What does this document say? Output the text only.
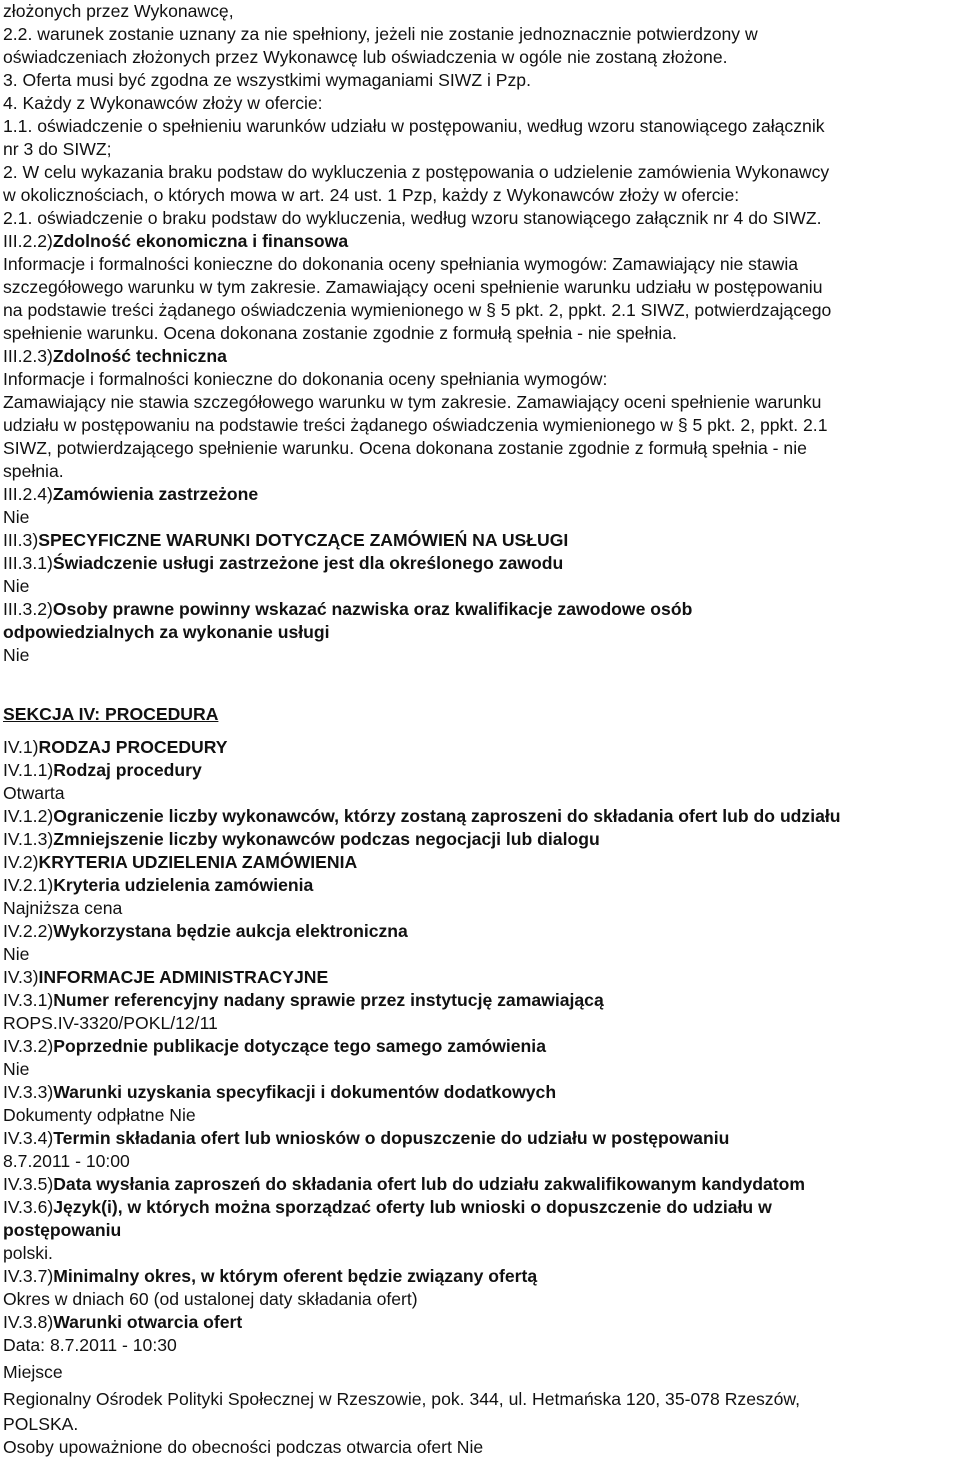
złożonych przez Wykonawcę,
2.2. warunek zostanie uznany za nie spełniony, jeżeli nie zostanie jednoznacznie potwierdzony w
oświadczeniach złożonych przez Wykonawcę lub oświadczenia w ogóle nie zostaną złożone.
3. Oferta musi być zgodna ze wszystkimi wymaganiami SIWZ i Pzp.
4. Każdy z Wykonawców złoży w ofercie:
1.1. oświadczenie o spełnieniu warunków udziału w postępowaniu, według wzoru stanowiącego załącznik
nr 3 do SIWZ;
2. W celu wykazania braku podstaw do wykluczenia z postępowania o udzielenie zamówienia Wykonawcy
w okolicznościach, o których mowa w art. 24 ust. 1 Pzp, każdy z Wykonawców złoży w ofercie:
2.1. oświadczenie o braku podstaw do wykluczenia, według wzoru stanowiącego załącznik nr 4 do SIWZ.
III.2.2)Zdolność ekonomiczna i finansowa
Informacje i formalności konieczne do dokonania oceny spełniania wymogów: Zamawiający nie stawia
szczegółowego warunku w tym zakresie. Zamawiający oceni spełnienie warunku udziału w postępowaniu
na podstawie treści żądanego oświadczenia wymienionego w § 5 pkt. 2, ppkt. 2.1 SIWZ, potwierdzającego
spełnienie warunku. Ocena dokonana zostanie zgodnie z formułą spełnia - nie spełnia.
III.2.3)Zdolność techniczna
Informacje i formalności konieczne do dokonania oceny spełniania wymogów:
Zamawiający nie stawia szczegółowego warunku w tym zakresie. Zamawiający oceni spełnienie warunku
udziału w postępowaniu na podstawie treści żądanego oświadczenia wymienionego w § 5 pkt. 2, ppkt. 2.1
SIWZ, potwierdzającego spełnienie warunku. Ocena dokonana zostanie zgodnie z formułą spełnia - nie
spełnia.
III.2.4)Zamówienia zastrzeżone
Nie
III.3)SPECYFICZNE WARUNKI DOTYCZĄCE ZAMÓWIEŃ NA USŁUGI
III.3.1)Świadczenie usługi zastrzeżone jest dla określonego zawodu
Nie
III.3.2)Osoby prawne powinny wskazać nazwiska oraz kwalifikacje zawodowe osób
odpowiedzialnych za wykonanie usługi
Nie
SEKCJA IV: PROCEDURA
IV.1)RODZAJ PROCEDURY
IV.1.1)Rodzaj procedury
Otwarta
IV.1.2)Ograniczenie liczby wykonawców, którzy zostaną zaproszeni do składania ofert lub do udziału
IV.1.3)Zmniejszenie liczby wykonawców podczas negocjacji lub dialogu
IV.2)KRYTERIA UDZIELENIA ZAMÓWIENIA
IV.2.1)Kryteria udzielenia zamówienia
Najniższa cena
IV.2.2)Wykorzystana będzie aukcja elektroniczna
Nie
IV.3)INFORMACJE ADMINISTRACYJNE
IV.3.1)Numer referencyjny nadany sprawie przez instytucję zamawiającą
ROPS.IV-3320/POKL/12/11
IV.3.2)Poprzednie publikacje dotyczące tego samego zamówienia
Nie
IV.3.3)Warunki uzyskania specyfikacji i dokumentów dodatkowych
Dokumenty odpłatne Nie
IV.3.4)Termin składania ofert lub wniosków o dopuszczenie do udziału w postępowaniu
8.7.2011 - 10:00
IV.3.5)Data wysłania zaproszeń do składania ofert lub do udziału zakwalifikowanym kandydatom
IV.3.6)Język(i), w których można sporządzać oferty lub wnioski o dopuszczenie do udziału w
postępowaniu
polski.
IV.3.7)Minimalny okres, w którym oferent będzie związany ofertą
Okres w dniach 60 (od ustalonej daty składania ofert)
IV.3.8)Warunki otwarcia ofert
Data: 8.7.2011 - 10:30
Miejsce
Regionalny Ośrodek Polityki Społecznej w Rzeszowie, pok. 344, ul. Hetmańska 120, 35-078 Rzeszów,
POLSKA.
Osoby upoważnione do obecności podczas otwarcia ofert Nie
